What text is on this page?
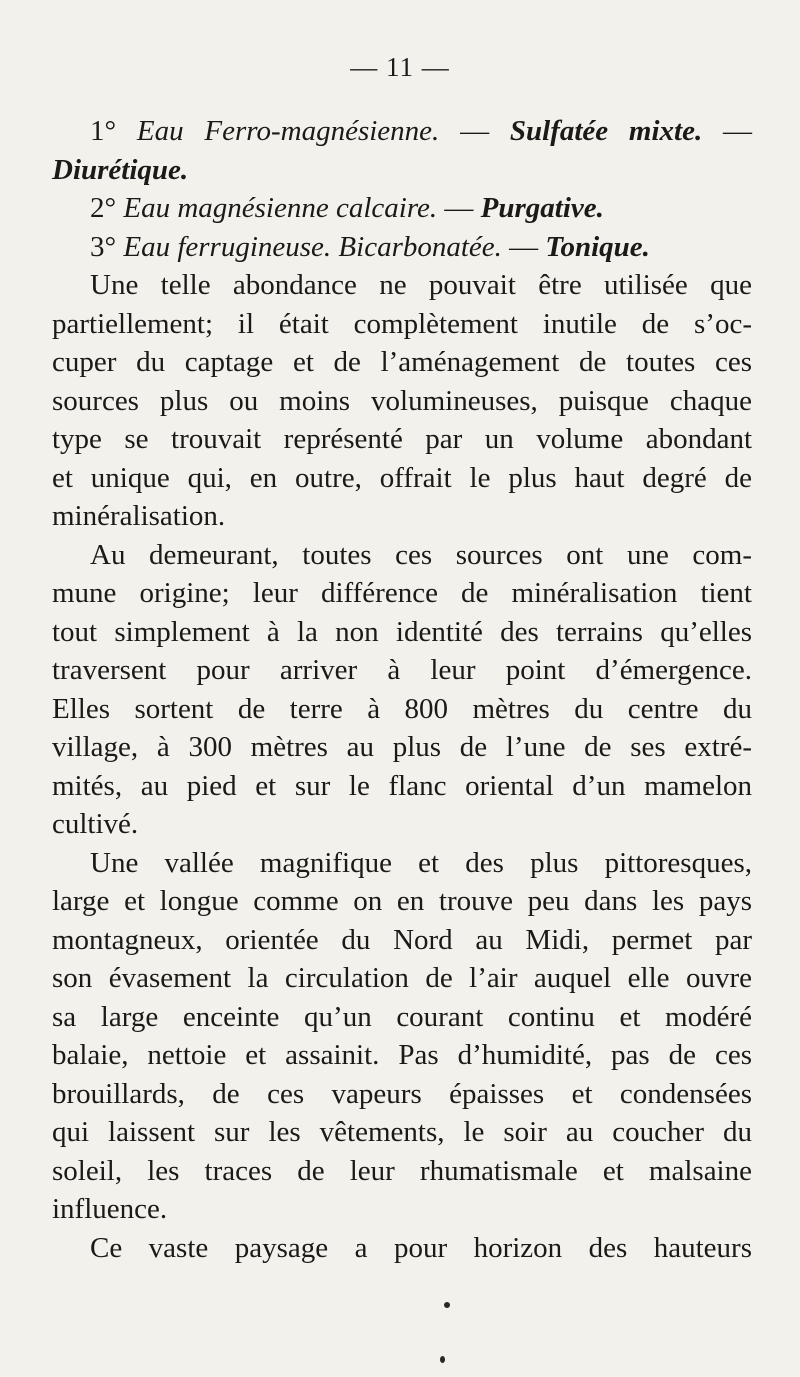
— 11 —
1° Eau Ferro-magnésienne. — Sulfatée mixte. —
Diurétique.
2° Eau magnésienne calcaire. — Purgative.
3° Eau ferrugineuse. Bicarbonatée. — Tonique.
Une telle abondance ne pouvait être utilisée que
partiellement; il était complètement inutile de s’oc-
cuper du captage et de l’aménagement de toutes ces
sources plus ou moins volumineuses, puisque chaque
type se trouvait représenté par un volume abondant
et unique qui, en outre, offrait le plus haut degré de
minéralisation.
Au demeurant, toutes ces sources ont une com-
mune origine; leur différence de minéralisation tient
tout simplement à la non identité des terrains qu’elles
traversent pour arriver à leur point d’émergence.
Elles sortent de terre à 800 mètres du centre du
village, à 300 mètres au plus de l’une de ses extré-
mités, au pied et sur le flanc oriental d’un mamelon
cultivé.
Une vallée magnifique et des plus pittoresques,
large et longue comme on en trouve peu dans les pays
montagneux, orientée du Nord au Midi, permet par
son évasement la circulation de l’air auquel elle ouvre
sa large enceinte qu’un courant continu et modéré
balaie, nettoie et assainit. Pas d’humidité, pas de ces
brouillards, de ces vapeurs épaisses et condensées
qui laissent sur les vêtements, le soir au coucher du
soleil, les traces de leur rhumatismale et malsaine
influence.
Ce vaste paysage a pour horizon des hauteurs
